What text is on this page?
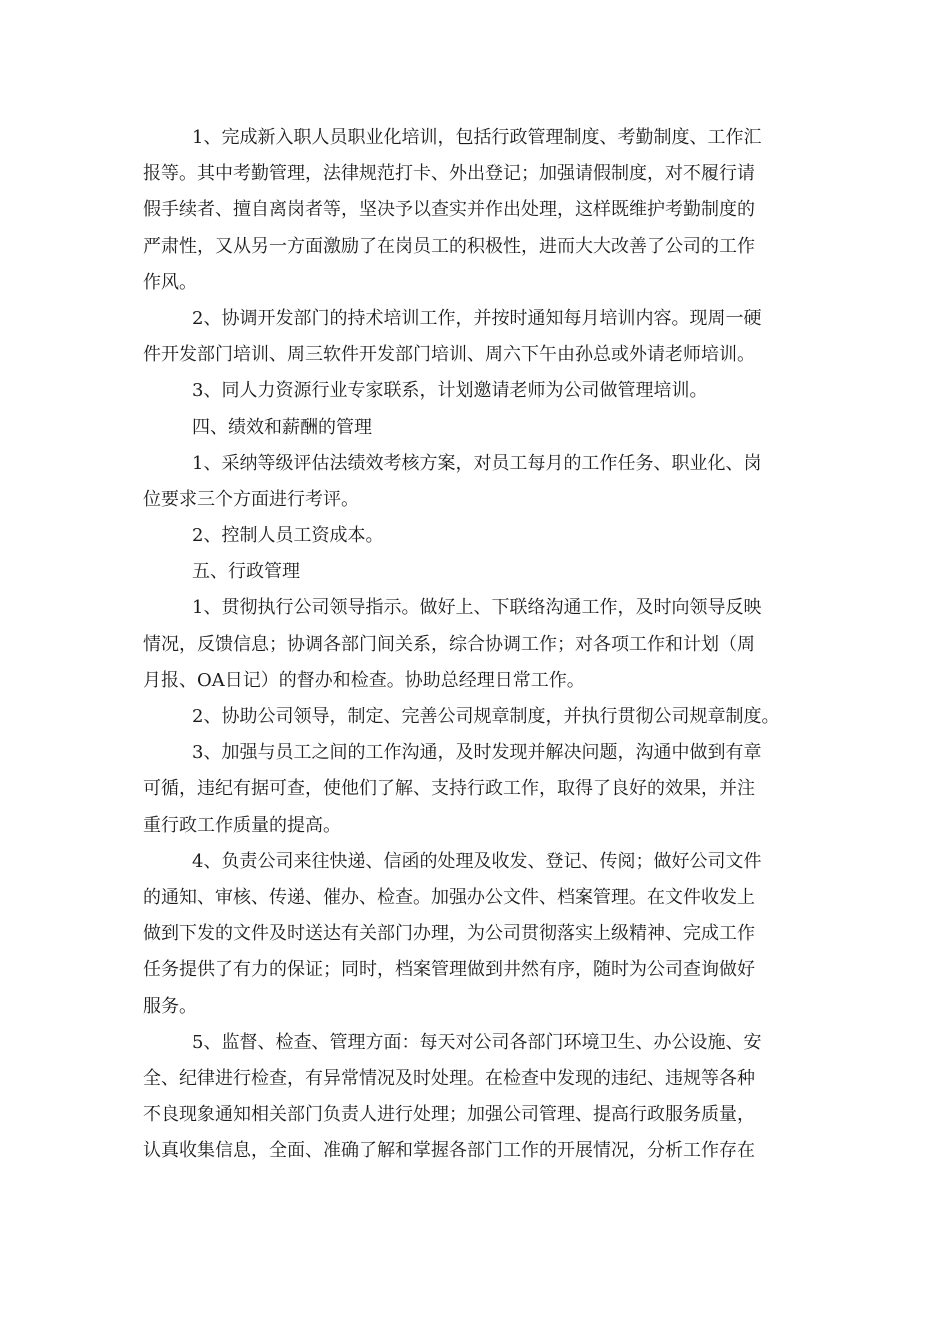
1、完成新入职人员职业化培训，包括行政管理制度、考勤制度、工作汇
报等。其中考勤管理，法律规范打卡、外出登记；加强请假制度，对不履行请
假手续者、擅自离岗者等，坚决予以查实并作出处理，这样既维护考勤制度的
严肃性，又从另一方面激励了在岗员工的积极性，进而大大改善了公司的工作
作风。
2、协调开发部门的持术培训工作，并按时通知每月培训内容。现周一硬
件开发部门培训、周三软件开发部门培训、周六下午由孙总或外请老师培训。
3、同人力资源行业专家联系，计划邀请老师为公司做管理培训。
四、绩效和薪酬的管理
1、采纳等级评估法绩效考核方案，对员工每月的工作任务、职业化、岗
位要求三个方面进行考评。
2、控制人员工资成本。
五、行政管理
1、贯彻执行公司领导指示。做好上、下联络沟通工作，及时向领导反映
情况，反馈信息；协调各部门间关系，综合协调工作；对各项工作和计划（周
月报、OA日记）的督办和检查。协助总经理日常工作。
2、协助公司领导，制定、完善公司规章制度，并执行贯彻公司规章制度。
3、加强与员工之间的工作沟通，及时发现并解决问题，沟通中做到有章
可循，违纪有据可查，使他们了解、支持行政工作，取得了良好的效果，并注
重行政工作质量的提高。
4、负责公司来往快递、信函的处理及收发、登记、传阅；做好公司文件
的通知、审核、传递、催办、检查。加强办公文件、档案管理。在文件收发上
做到下发的文件及时送达有关部门办理，为公司贯彻落实上级精神、完成工作
任务提供了有力的保证；同时，档案管理做到井然有序，随时为公司查询做好
服务。
5、监督、检查、管理方面：每天对公司各部门环境卫生、办公设施、安
全、纪律进行检查，有异常情况及时处理。在检查中发现的违纪、违规等各种
不良现象通知相关部门负责人进行处理；加强公司管理、提高行政服务质量，
认真收集信息，全面、准确了解和掌握各部门工作的开展情况，分析工作存在
